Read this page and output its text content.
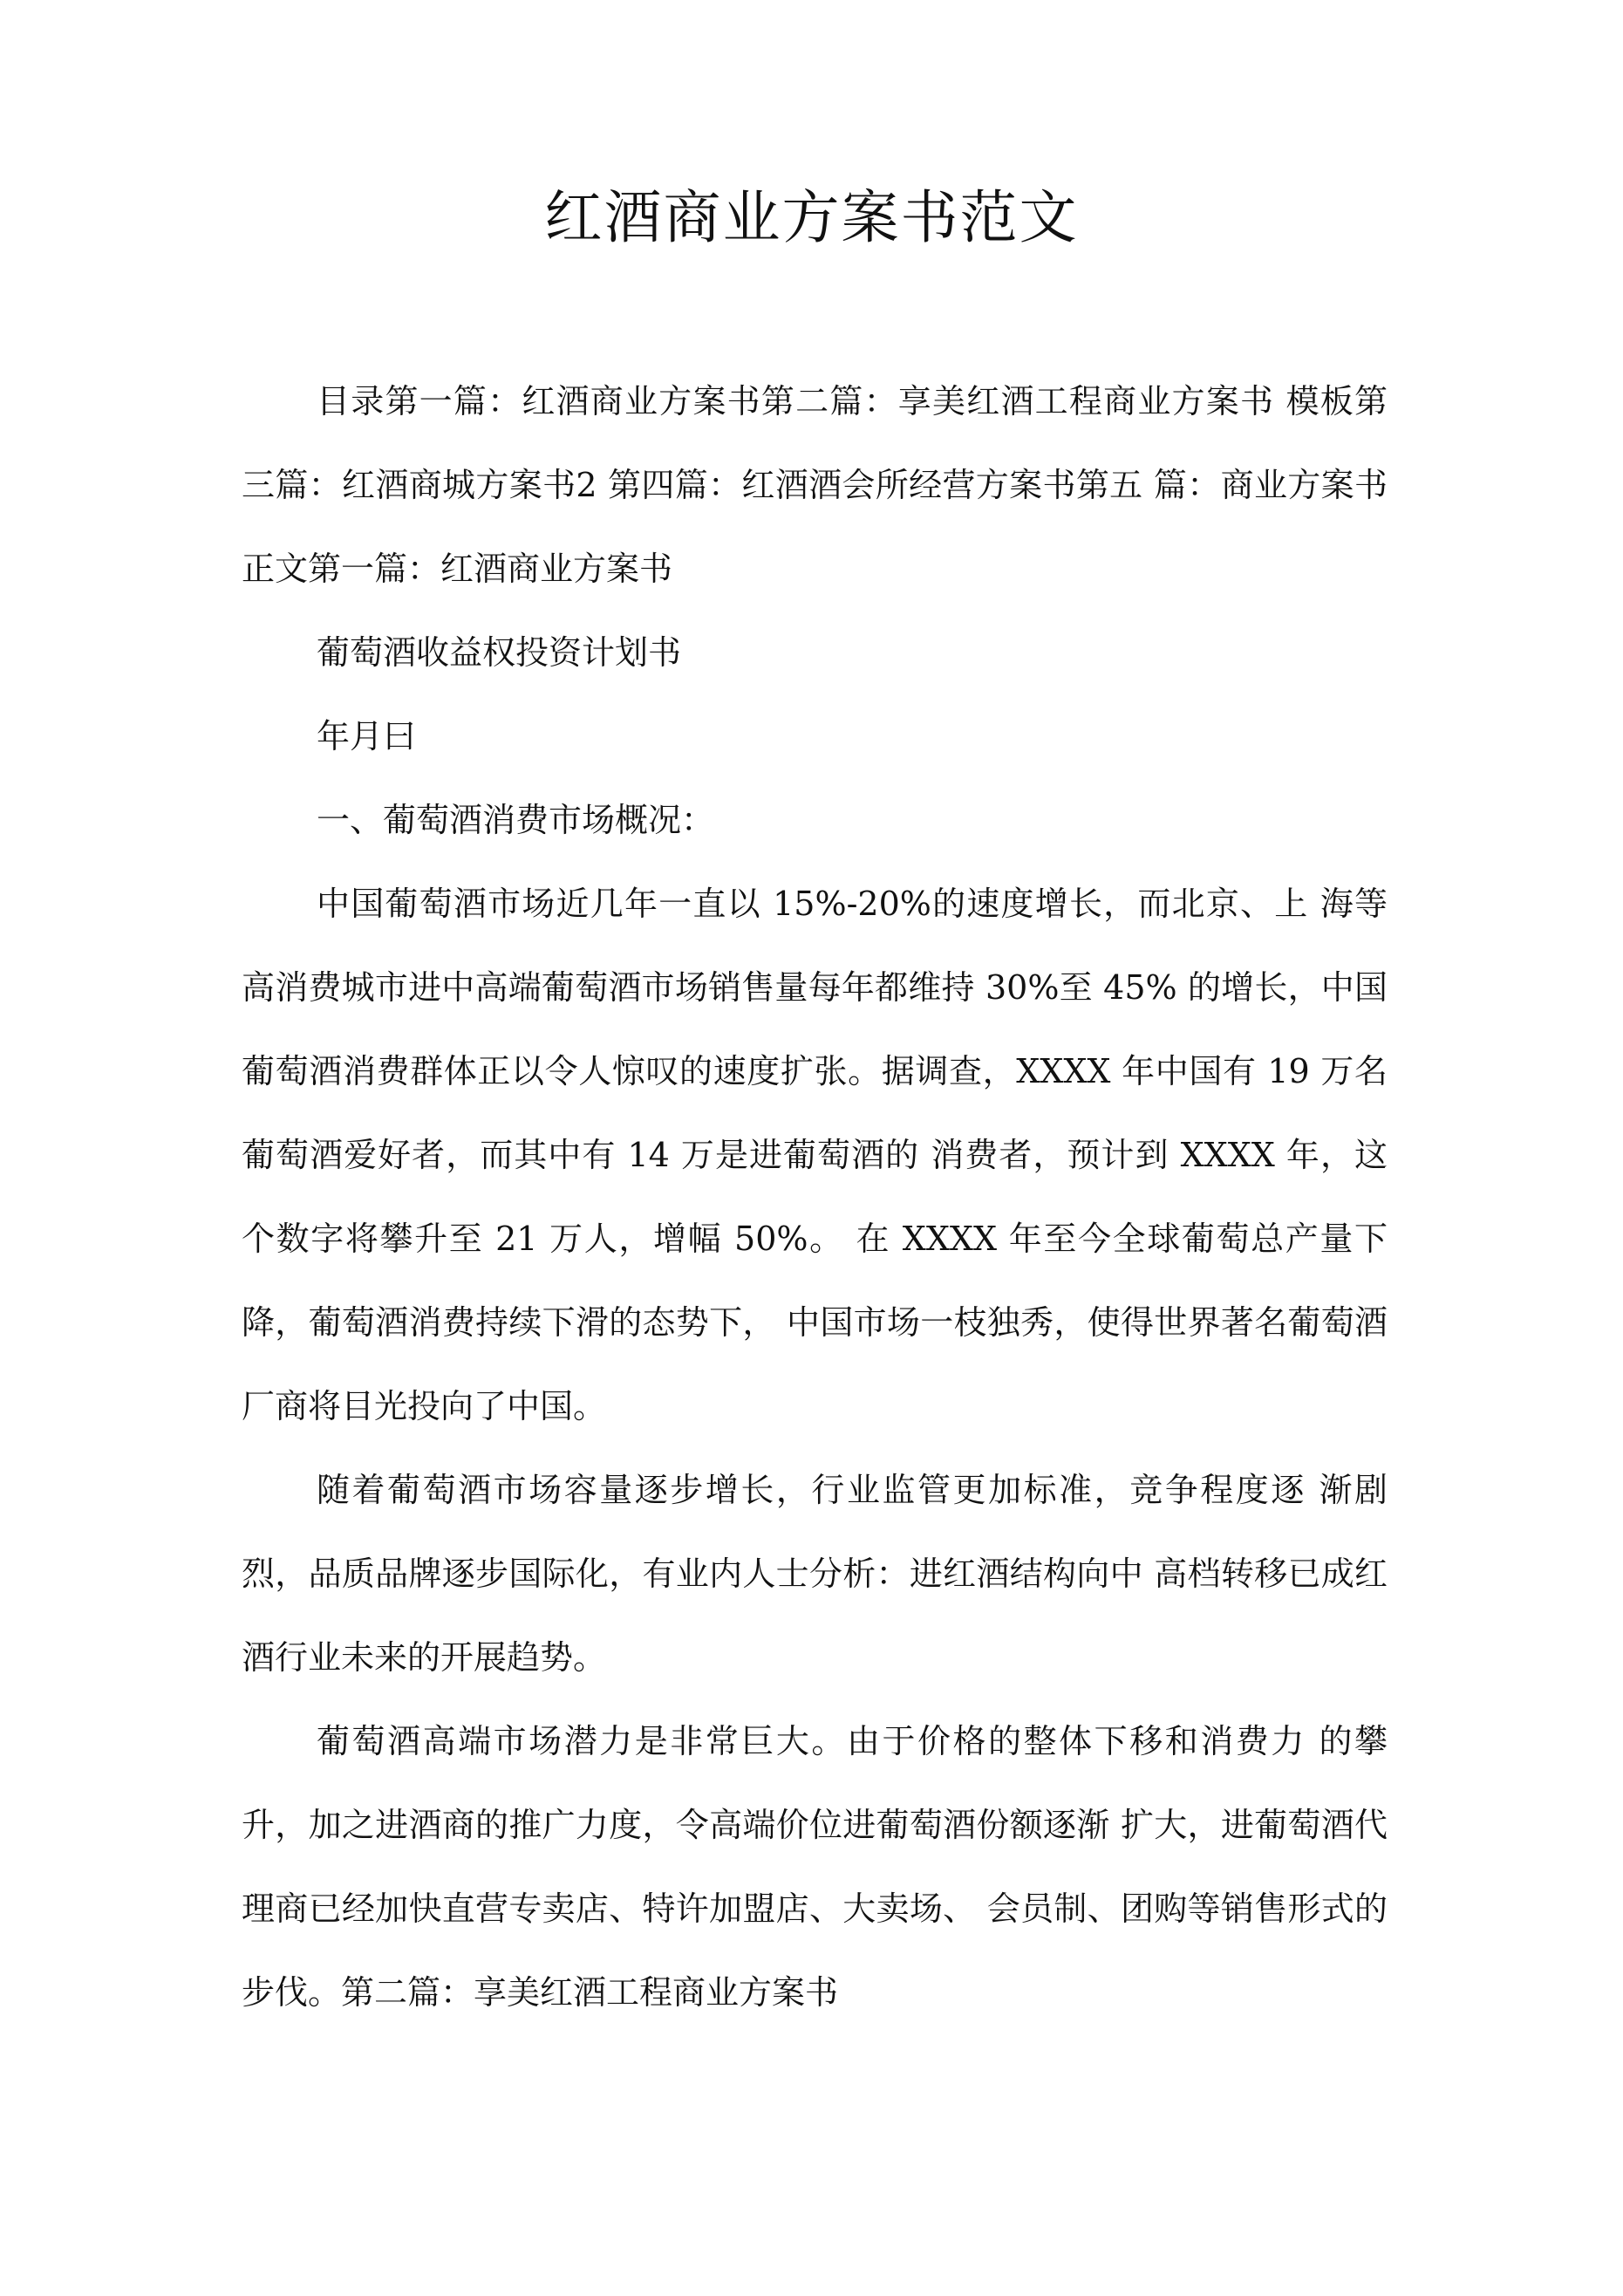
红酒商业方案书范文

目录第一篇：红酒商业方案书第二篇：享美红酒工程商业方案书 模板第三篇：红酒商城方案书2 第四篇：红酒酒会所经营方案书第五 篇：商业方案书正文第一篇：红酒商业方案书

葡萄酒收益权投资计划书

年月曰

一、葡萄酒消费市场概况：

中国葡萄酒市场近几年一直以 15%-20%的速度增长，而北京、上 海等高消费城市进中高端葡萄酒市场销售量每年都维持 30%至 45% 的增长，中国葡萄酒消费群体正以令人惊叹的速度扩张。据调查，XXXX 年中国有 19 万名葡萄酒爱好者，而其中有 14 万是进葡萄酒的 消费者，预计到 XXXX 年，这个数字将攀升至 21 万人，增幅 50%。 在 XXXX 年至今全球葡萄总产量下降，葡萄酒消费持续下滑的态势下， 中国市场一枝独秀，使得世界著名葡萄酒厂商将目光投向了中国。

随着葡萄酒市场容量逐步增长，行业监管更加标准，竞争程度逐 渐剧烈，品质品牌逐步国际化，有业内人士分析：进红酒结构向中 高档转移已成红酒行业未来的开展趋势。

葡萄酒高端市场潜力是非常巨大。由于价格的整体下移和消费力 的攀升，加之进酒商的推广力度，令高端价位进葡萄酒份额逐渐 扩大，进葡萄酒代理商已经加快直营专卖店、特许加盟店、大卖场、 会员制、团购等销售形式的步伐。第二篇：享美红酒工程商业方案书
